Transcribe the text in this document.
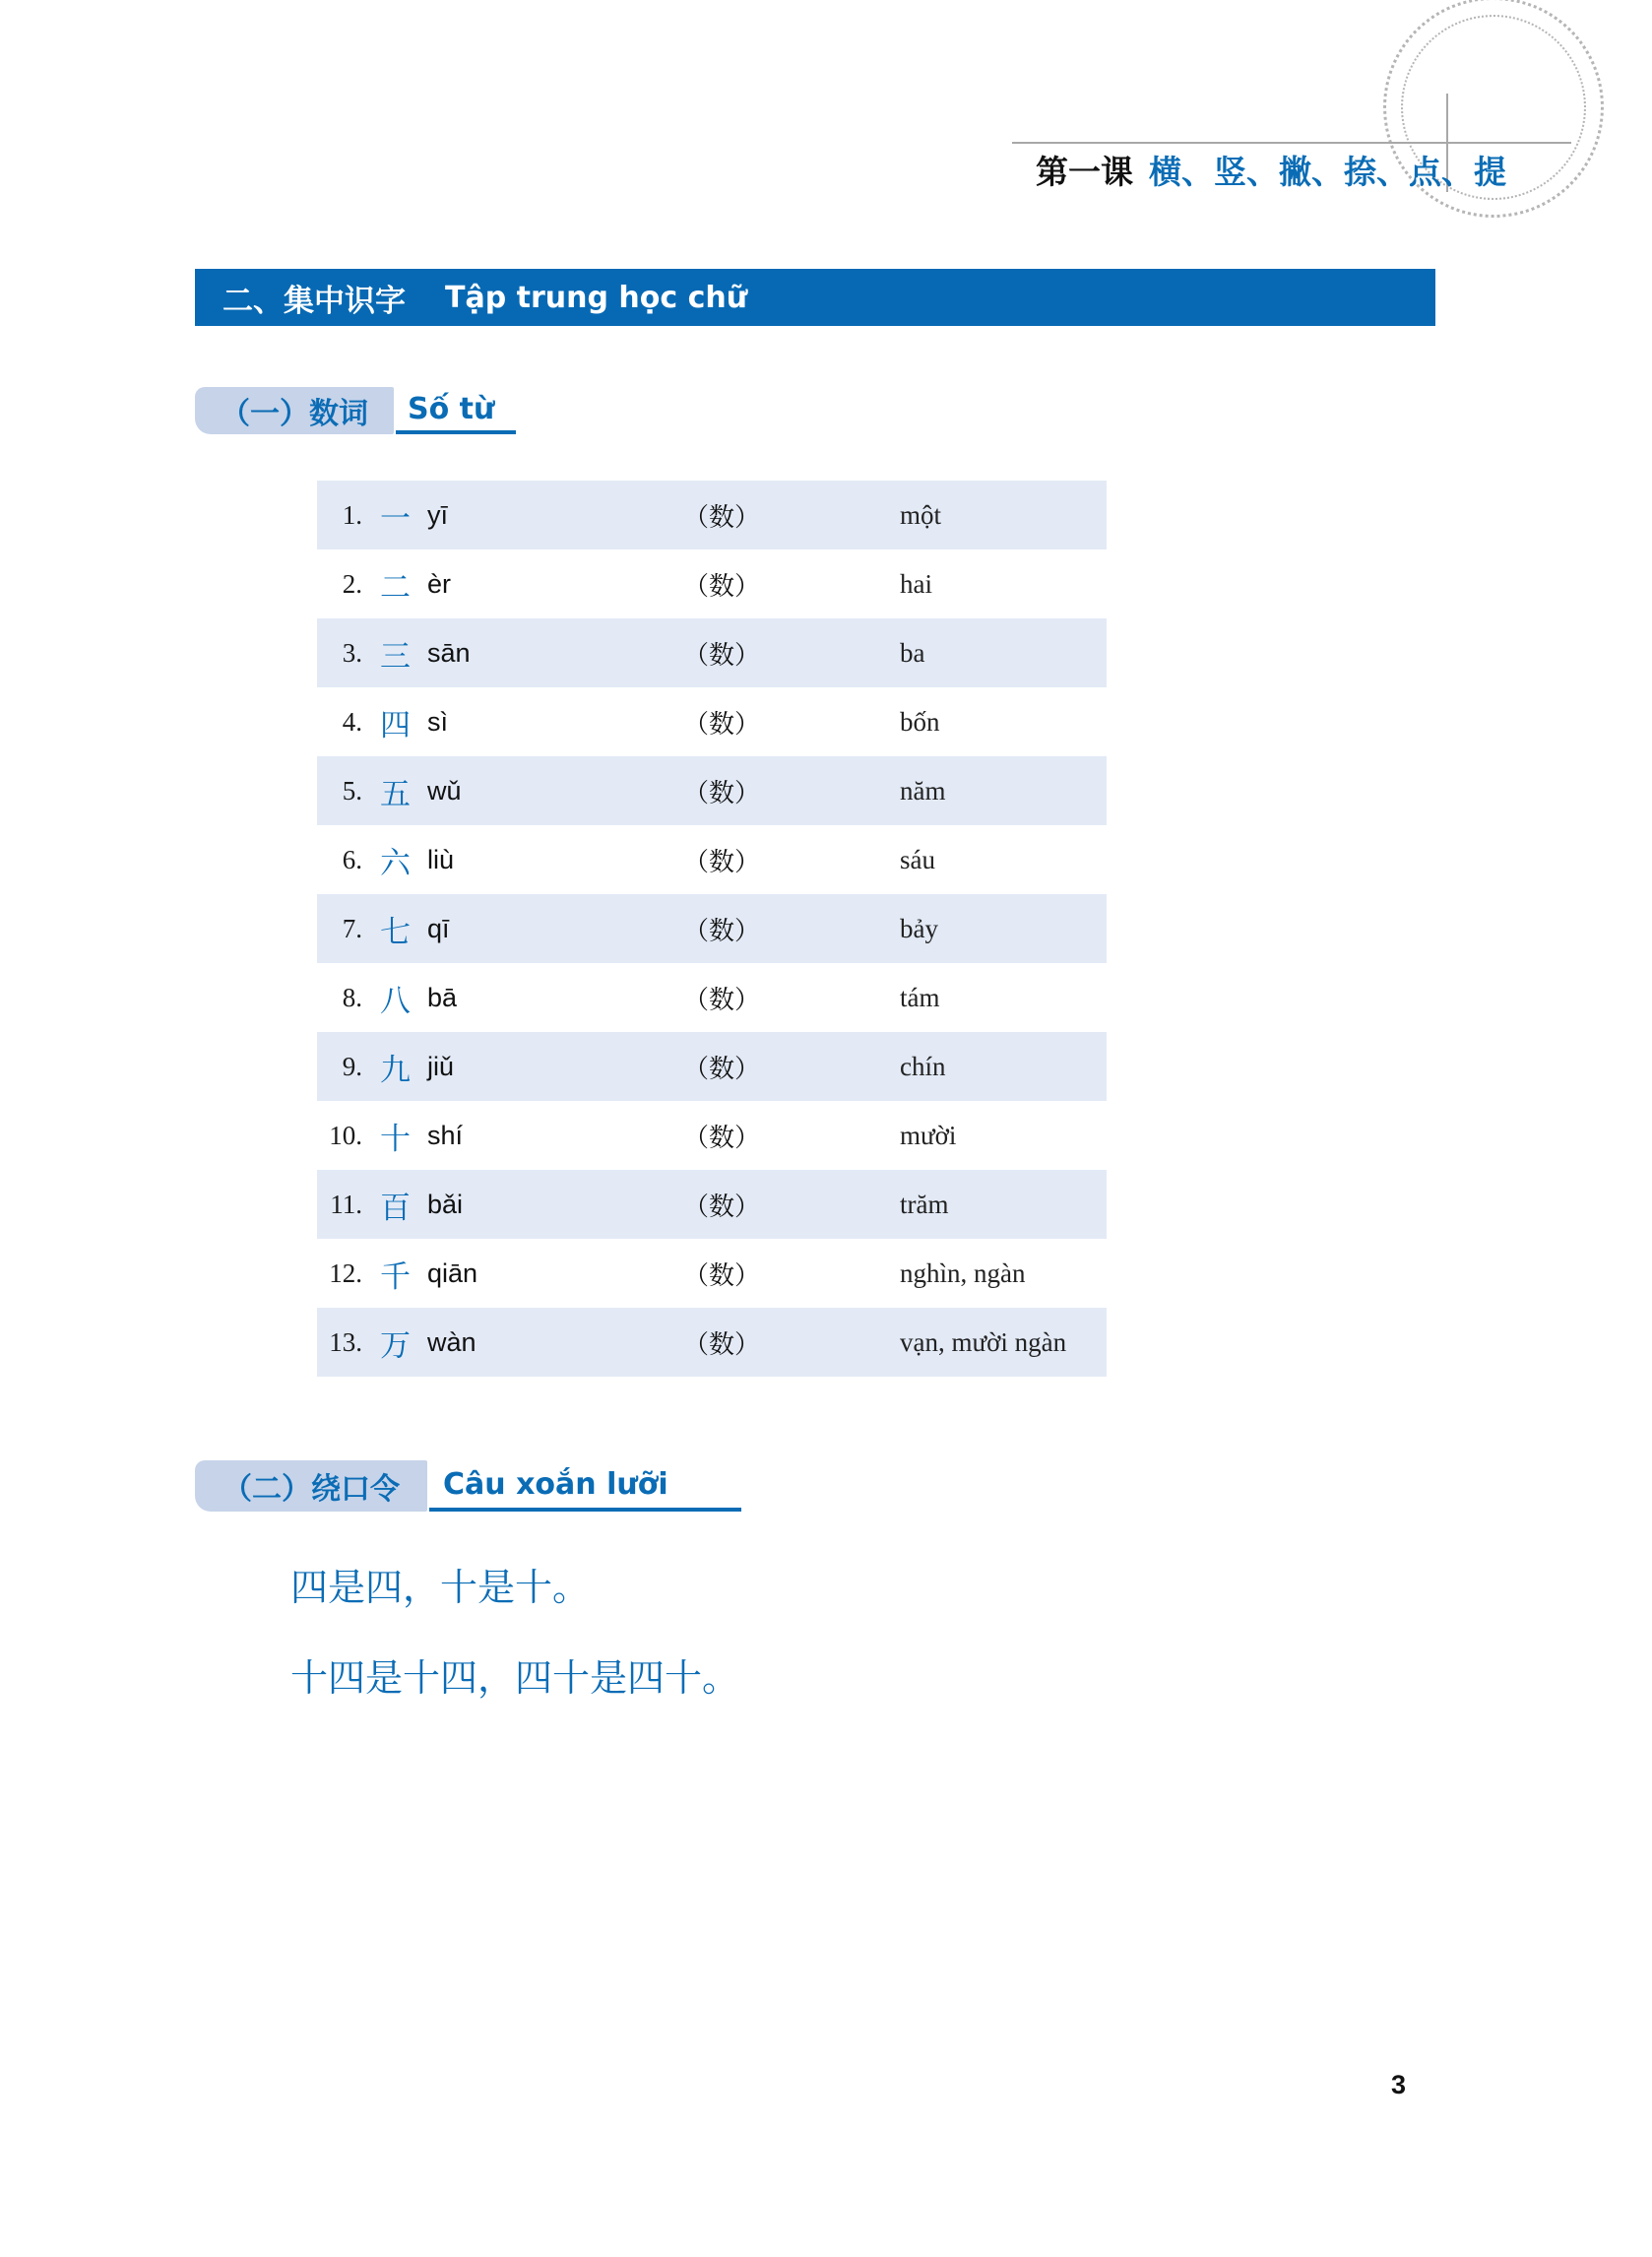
第一课 横、竖、撇、捺、点、提
二、集中识字 Tập trung học chữ
（一）数词	Số từ
1. 一 yī	（数）	một
2. 二 èr	（数）	hai
3. 三 sān	（数）	ba
4. 四 sì	（数）	bốn
5. 五 wǔ	（数）	năm
6. 六 liù	（数）	sáu
7. 七 qī	（数）	bảy
8. 八 bā	（数）	tám
9. 九 jiǔ	（数）	chín
10. 十 shí	（数）	mười
11. 百 bǎi	（数）	trăm
12. 千 qiān	（数）	nghìn, ngàn
13. 万 wàn	（数）	vạn, mười ngàn
（二）绕口令	Câu xoắn lưỡi
四是四，十是十。
十四是十四，四十是四十。
3
